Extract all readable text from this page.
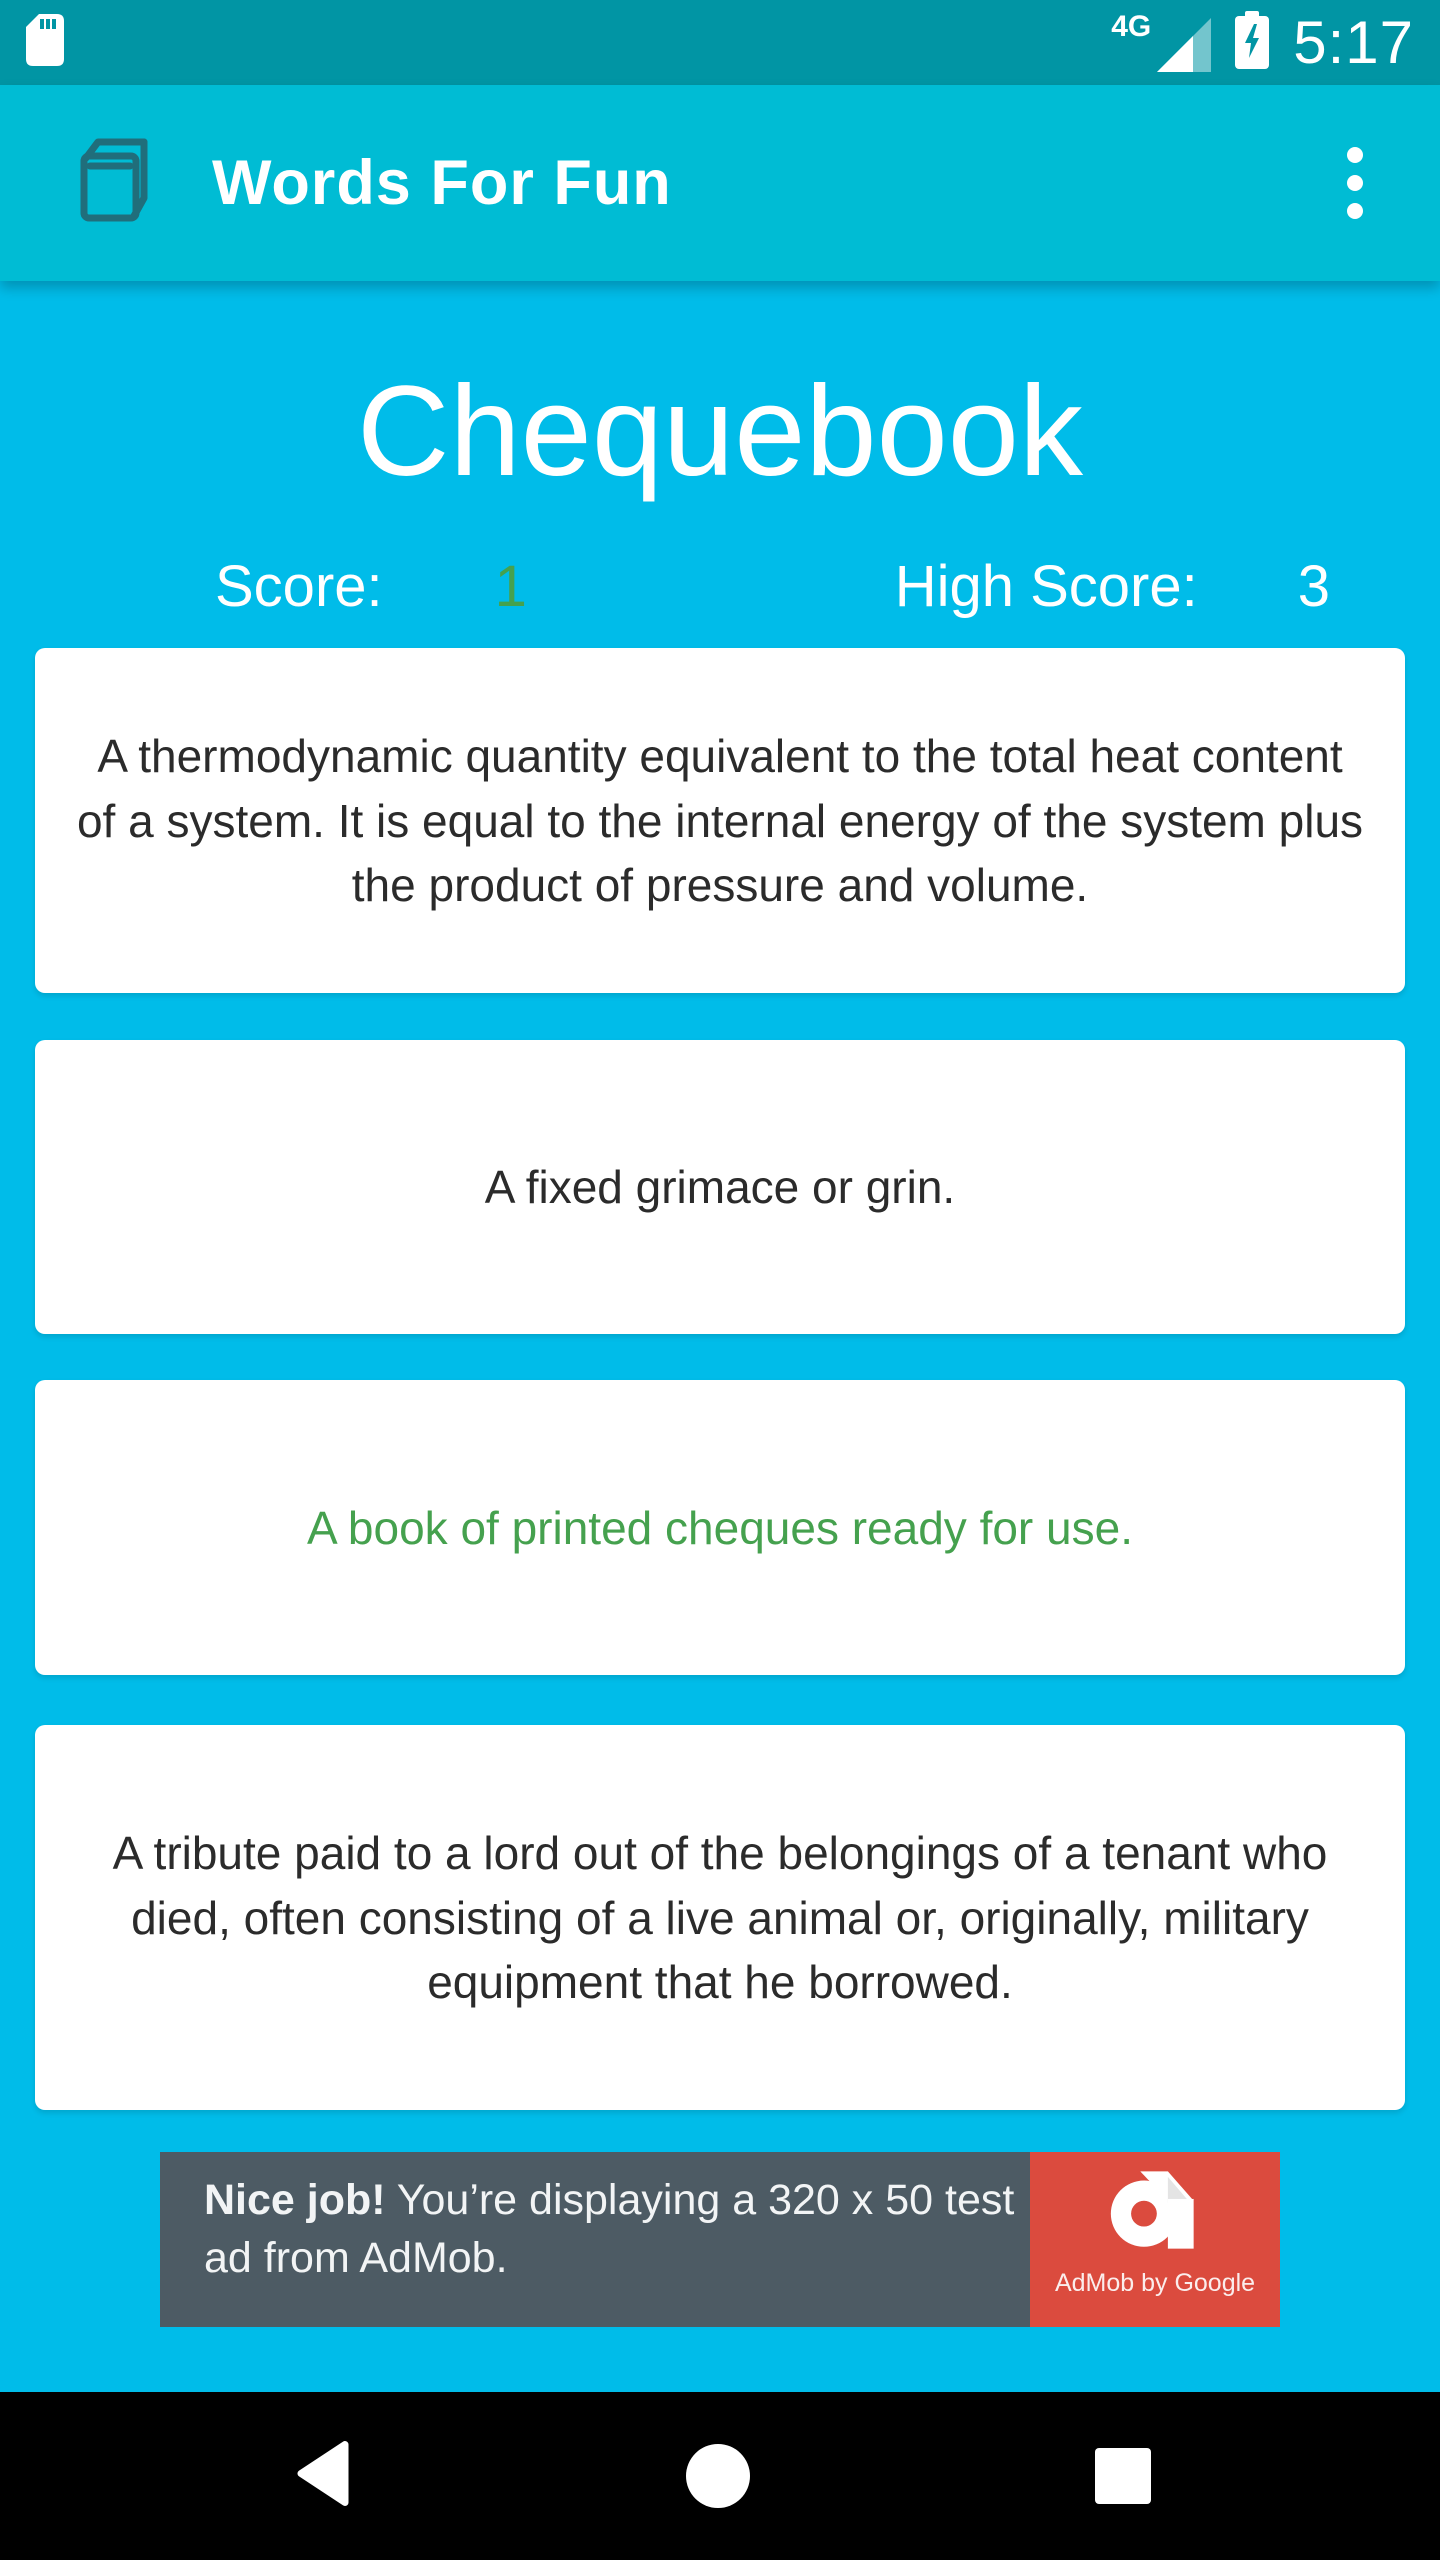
4G 5:17
Words For Fun
Chequebook
Score: 1	High Score: 3

A thermodynamic quantity equivalent to the total heat content of a system. It is equal to the internal energy of the system plus the product of pressure and volume.

A fixed grimace or grin.

A book of printed cheques ready for use.

A tribute paid to a lord out of the belongings of a tenant who died, often consisting of a live animal or, originally, military equipment that he borrowed.

Nice job! You’re displaying a 320 x 50 test ad from AdMob.

AdMob by Google
